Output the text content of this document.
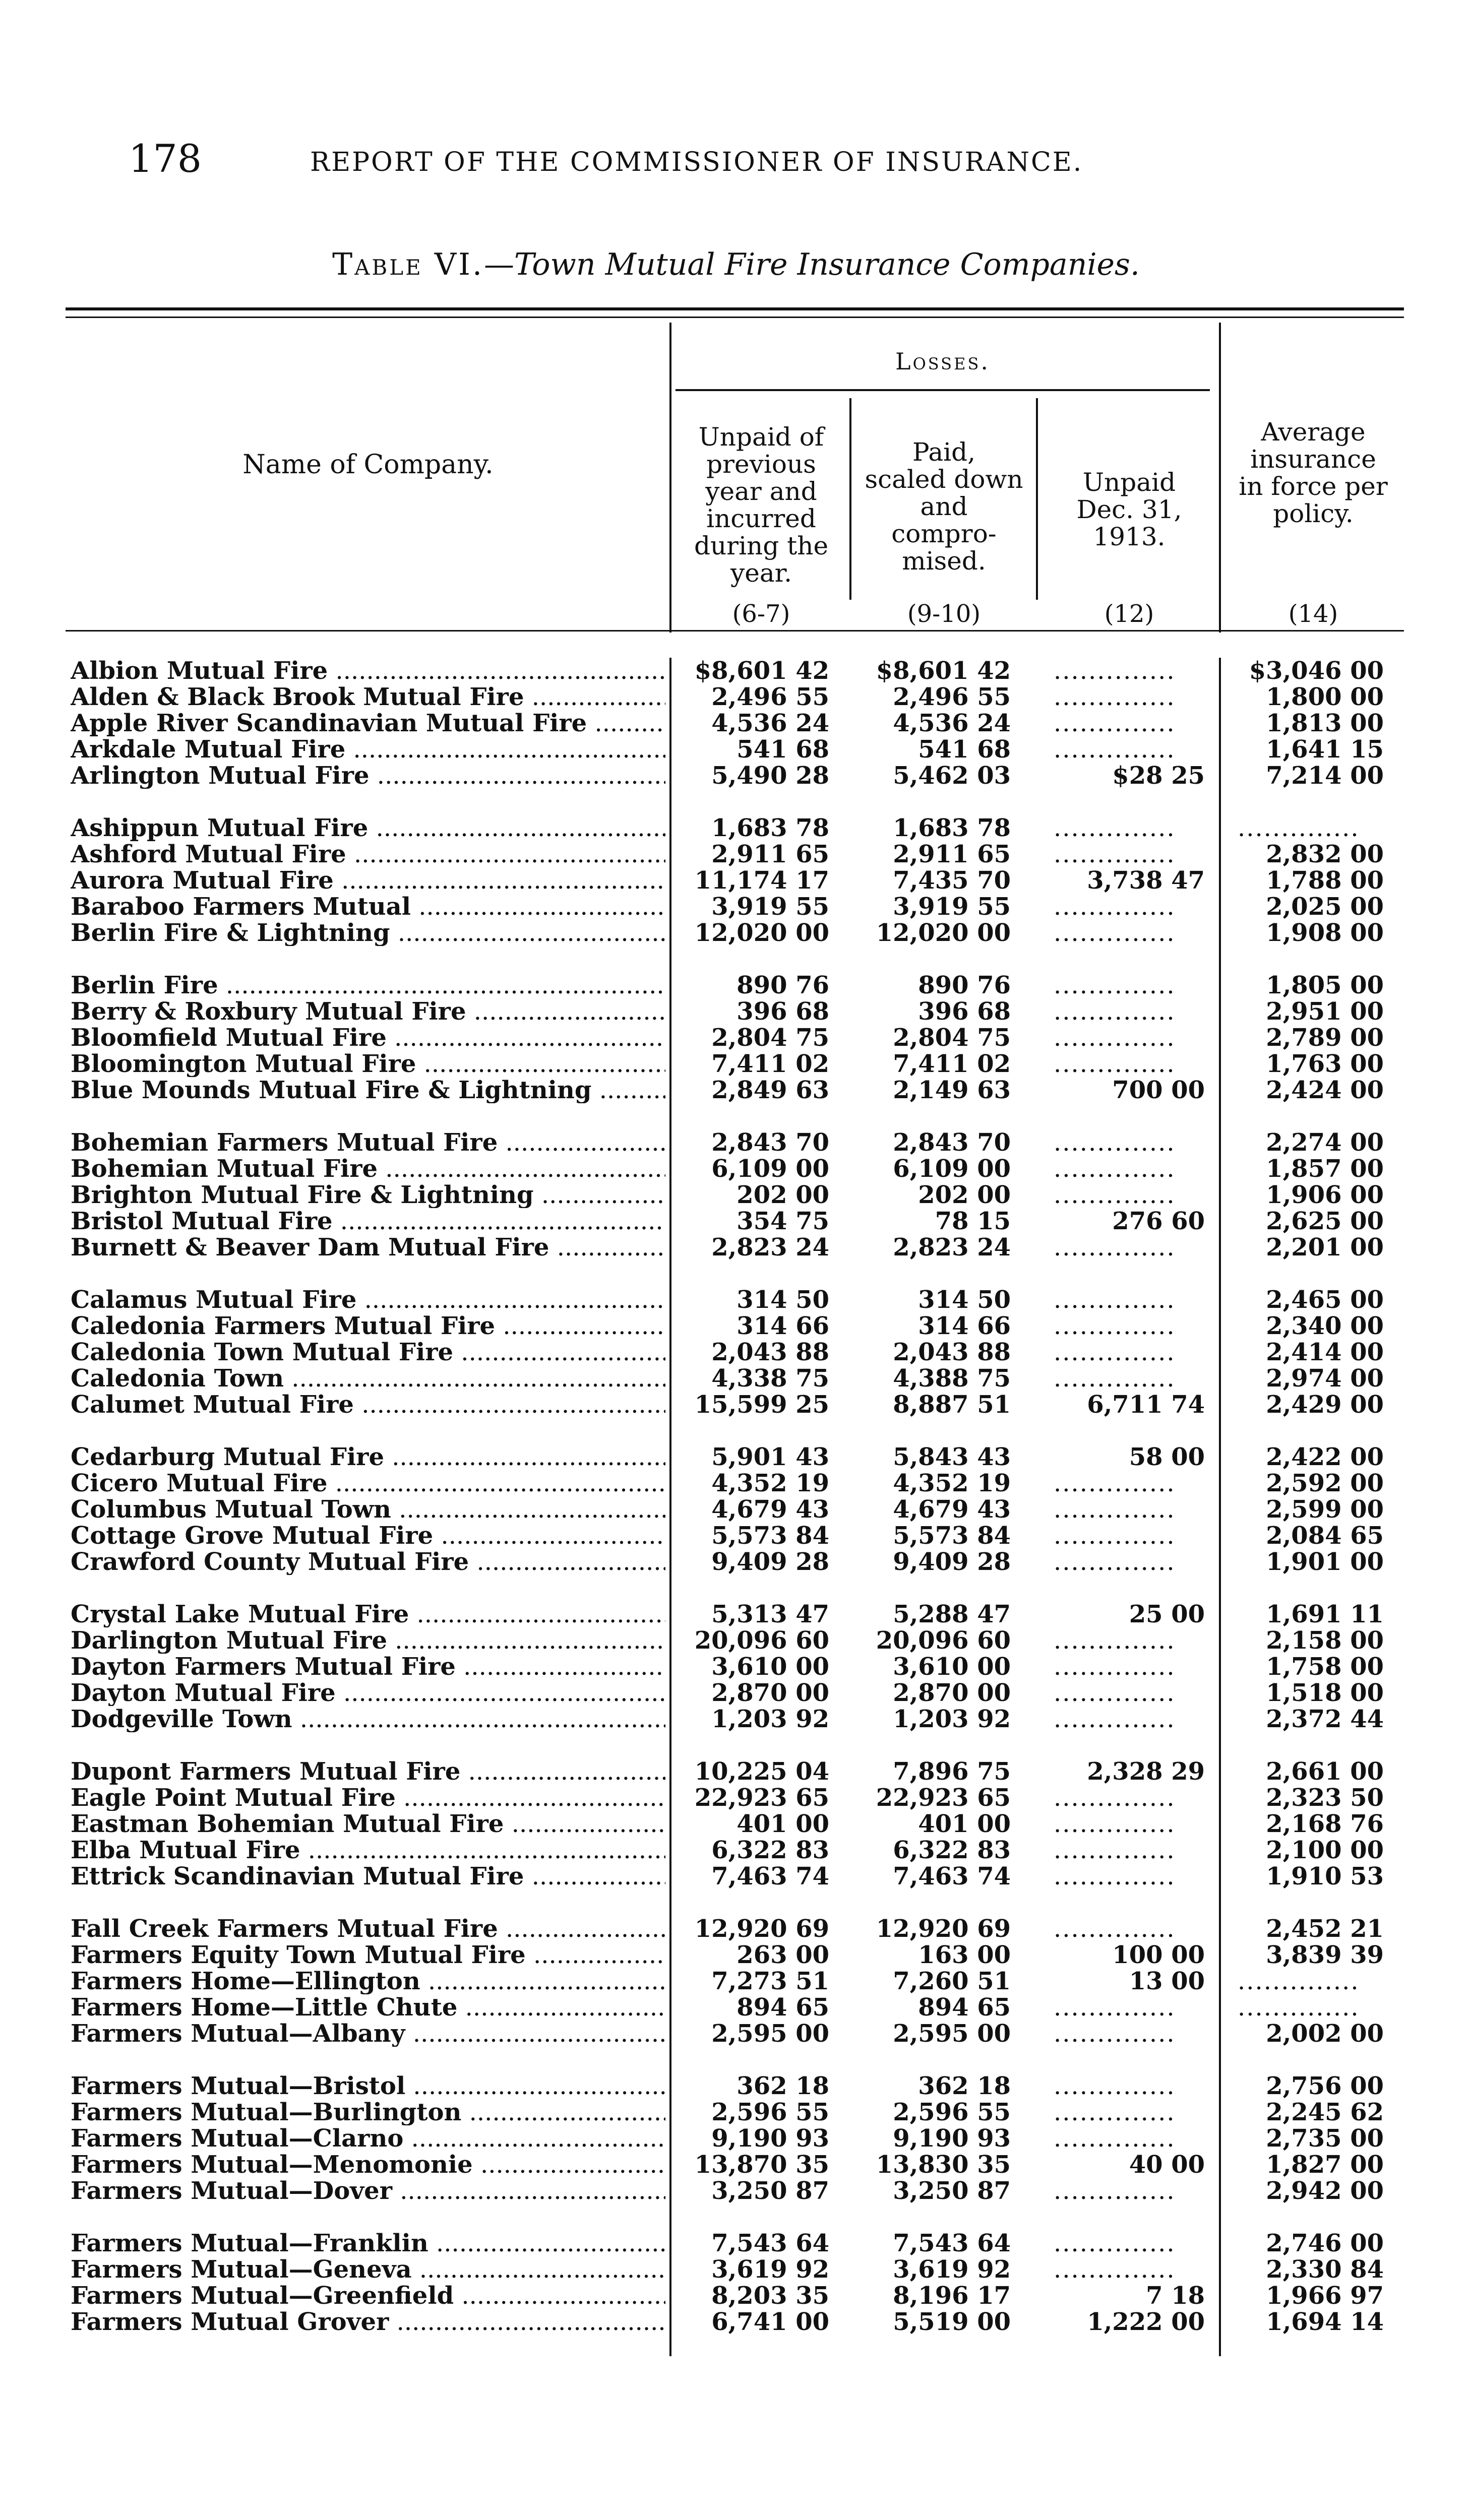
178	REPORT OF THE COMMISSIONER OF INSURANCE.
Table VI.—Town Mutual Fire Insurance Companies.
Name of Company.
Losses.
Unpaid of
previous
year and
incurred
during the
year.
Paid,
scaled down
and
compro-
mised.
Unpaid
Dec. 31, 1913.
Average
insurance
in force per
policy.
(6-7)	(9-10)	(12)	(14)
Albion Mutual Fire .....	$8,601 42	$8,601 42 ..............	$3,046 00
Alden & Black Brook Mutual Fire .....	2,496 55	2,496 55 ..............	1,800 00
Apple River Scandinavian Mutual Fire .....	4,536 24	4,536 24 ..............	1,813 00
Arkdale Mutual Fire .....	541 68	541 68 ..............	1,641 15
Arlington Mutual Fire .....	5,490 28	5,462 03	$28 25	7,214 00
Ashippun Mutual Fire .....	1,683 78	1,683 78 ..............	..............
Ashford Mutual Fire .....	2,911 65	2,911 65 ..............	2,832 00
Aurora Mutual Fire .....	11,174 17	7,435 70	3,738 47	1,788 00
Baraboo Farmers Mutual .....	3,919 55	3,919 55 ..............	2,025 00
Berlin Fire & Lightning .....	12,020 00	12,020 00 ..............	1,908 00
Berlin Fire .....	890 76	890 76 ..............	1,805 00
Berry & Roxbury Mutual Fire .....	396 68	396 68 ..............	2,951 00
Bloomfield Mutual Fire .....	2,804 75	2,804 75 ..............	2,789 00
Bloomington Mutual Fire .....	7,411 02	7,411 02 ..............	1,763 00
Blue Mounds Mutual Fire & Lightning .....	2,849 63	2,149 63	700 00	2,424 00
Bohemian Farmers Mutual Fire .....	2,843 70	2,843 70 ..............	2,274 00
Bohemian Mutual Fire .....	6,109 00	6,109 00 ..............	1,857 00
Brighton Mutual Fire & Lightning .....	202 00	202 00 ..............	1,906 00
Bristol Mutual Fire .....	354 75	78 15	276 60	2,625 00
Burnett & Beaver Dam Mutual Fire .....	2,823 24	2,823 24 ..............	2,201 00
Calamus Mutual Fire .....	314 50	314 50 ..............	2,465 00
Caledonia Farmers Mutual Fire .....	314 66	314 66 ..............	2,340 00
Caledonia Town Mutual Fire .....	2,043 88	2,043 88 ..............	2,414 00
Caledonia Town .....	4,338 75	4,388 75 ..............	2,974 00
Calumet Mutual Fire .....	15,599 25	8,887 51	6,711 74	2,429 00
Cedarburg Mutual Fire .....	5,901 43	5,843 43	58 00	2,422 00
Cicero Mutual Fire .....	4,352 19	4,352 19 ..............	2,592 00
Columbus Mutual Town .....	4,679 43	4,679 43 ..............	2,599 00
Cottage Grove Mutual Fire .....	5,573 84	5,573 84 ..............	2,084 65
Crawford County Mutual Fire .....	9,409 28	9,409 28 ..............	1,901 00
Crystal Lake Mutual Fire .....	5,313 47	5,288 47	25 00	1,691 11
Darlington Mutual Fire .....	20,096 60	20,096 60 ..............	2,158 00
Dayton Farmers Mutual Fire .....	3,610 00	3,610 00 ..............	1,758 00
Dayton Mutual Fire .....	2,870 00	2,870 00 ..............	1,518 00
Dodgeville Town .....	1,203 92	1,203 92 ..............	2,372 44
Dupont Farmers Mutual Fire .....	10,225 04	7,896 75	2,328 29	2,661 00
Eagle Point Mutual Fire .....	22,923 65	22,923 65 ..............	2,323 50
Eastman Bohemian Mutual Fire .....	401 00	401 00 ..............	2,168 76
Elba Mutual Fire .....	6,322 83	6,322 83 ..............	2,100 00
Ettrick Scandinavian Mutual Fire .....	7,463 74	7,463 74 ..............	1,910 53
Fall Creek Farmers Mutual Fire .....	12,920 69	12,920 69 ..............	2,452 21
Farmers Equity Town Mutual Fire .....	263 00	163 00	100 00	3,839 39
Farmers Home—Ellington .....	7,273 51	7,260 51	13 00 ..............
Farmers Home—Little Chute .....	894 65	894 65 ..............	..............
Farmers Mutual—Albany .....	2,595 00	2,595 00 ..............	2,002 00
Farmers Mutual—Bristol .....	362 18	362 18 ..............	2,756 00
Farmers Mutual—Burlington .....	2,596 55	2,596 55 ..............	2,245 62
Farmers Mutual—Clarno .....	9,190 93	9,190 93 ..............	2,735 00
Farmers Mutual—Menomonie .....	13,870 35	13,830 35	40 00	1,827 00
Farmers Mutual—Dover .....	3,250 87	3,250 87 ..............	2,942 00
Farmers Mutual—Franklin .....	7,543 64	7,543 64 ..............	2,746 00
Farmers Mutual—Geneva .....	3,619 92	3,619 92 ..............	2,330 84
Farmers Mutual—Greenfield .....	8,203 35	8,196 17	7 18	1,966 97
Farmers Mutual Grover .....	6,741 00	5,519 00	1,222 00	1,694 14
